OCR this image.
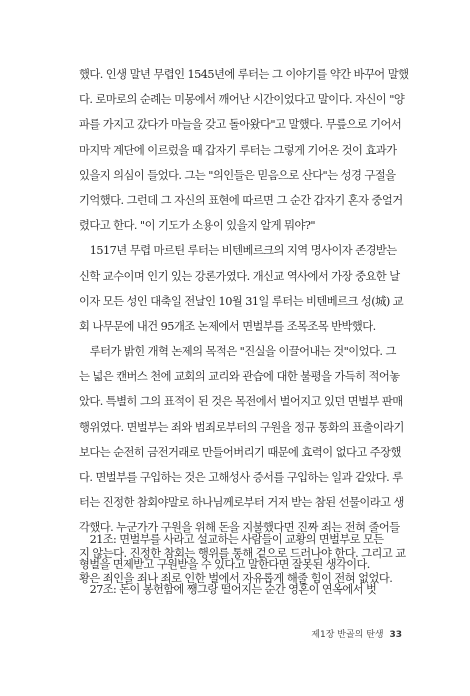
했다. 인생 말년 무렵인 1545년에 루터는 그 이야기를 약간 바꾸어 말했
다. 로마로의 순례는 미몽에서 깨어난 시간이었다고 말이다. 자신이 "양
파를 가지고 갔다가 마늘을 갖고 돌아왔다"고 말했다. 무릎으로 기어서
마지막 계단에 이르렀을 때 갑자기 루터는 그렇게 기어온 것이 효과가
있을지 의심이 들었다. 그는 "의인들은 믿음으로 산다"는 성경 구절을
기억했다. 그런데 그 자신의 표현에 따르면 그 순간 갑자기 혼자 중얼거
렸다고 한다. "이 기도가 소용이 있을지 알게 뭐야?"
　1517년 무렵 마르틴 루터는 비텐베르크의 지역 명사이자 존경받는
신학 교수이며 인기 있는 강론가였다. 개신교 역사에서 가장 중요한 날
이자 모든 성인 대축일 전날인 10월 31일 루터는 비텐베르크 성(城) 교
회 나무문에 내건 95개조 논제에서 면벌부를 조목조목 반박했다.
　루터가 밝힌 개혁 논제의 목적은 "진실을 이끌어내는 것"이었다. 그
는 넓은 캔버스 천에 교회의 교리와 관습에 대한 불평을 가득히 적어놓
았다. 특별히 그의 표적이 된 것은 목전에서 벌어지고 있던 면벌부 판매
행위였다. 면벌부는 죄와 범죄로부터의 구원을 정규 통화의 표출이라기
보다는 순전히 금전거래로 만들어버리기 때문에 효력이 없다고 주장했
다. 면벌부를 구입하는 것은 고해성사 증서를 구입하는 일과 같았다. 루
터는 진정한 참회야말로 하나님께로부터 거저 받는 참된 선물이라고 생
각했다. 누군가가 구원을 위해 돈을 지불했다면 진짜 죄는 전혀 줄어들
지 않는다. 진정한 참회는 행위를 통해 겉으로 드러나야 한다. 그리고 교
황은 죄인을 죄나 죄로 인한 벌에서 자유롭게 해줄 힘이 전혀 없었다.
　21조: 면벌부를 사라고 설교하는 사람들이 교황의 면벌부로 모든
형벌을 면제받고 구원받을 수 있다고 말한다면 잘못된 생각이다.
　27조: 돈이 봉헌함에 쨍그랑 떨어지는 순간 영혼이 연옥에서 벗
제1장 반골의 탄생 33
